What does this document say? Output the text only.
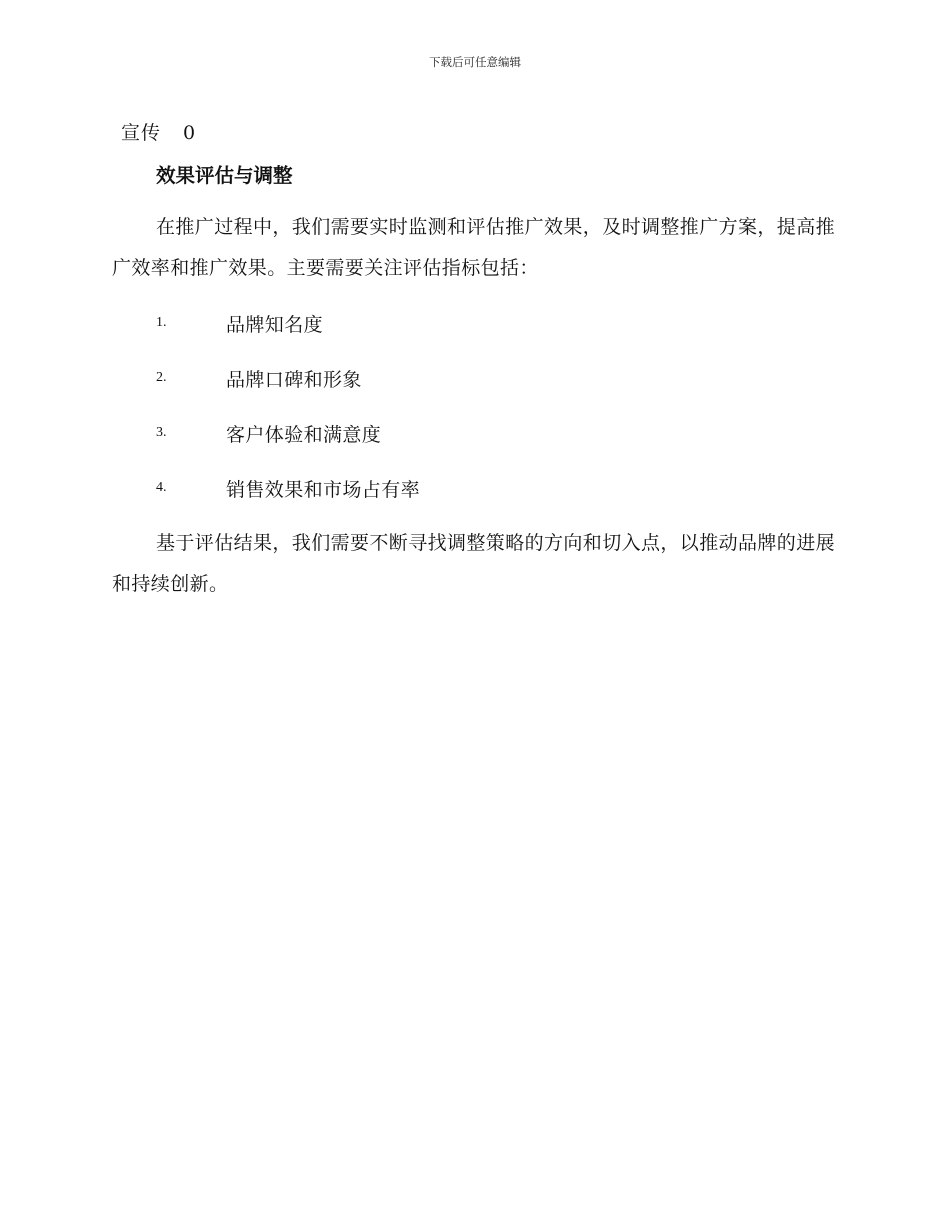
下载后可任意编辑
宣传 0
效果评估与调整
在推广过程中，我们需要实时监测和评估推广效果，及时调整推广方案，提高推广效率和推广效果。主要需要关注评估指标包括：
1.	品牌知名度
2.	品牌口碑和形象
3.	客户体验和满意度
4.	销售效果和市场占有率
基于评估结果，我们需要不断寻找调整策略的方向和切入点，以推动品牌的进展和持续创新。
